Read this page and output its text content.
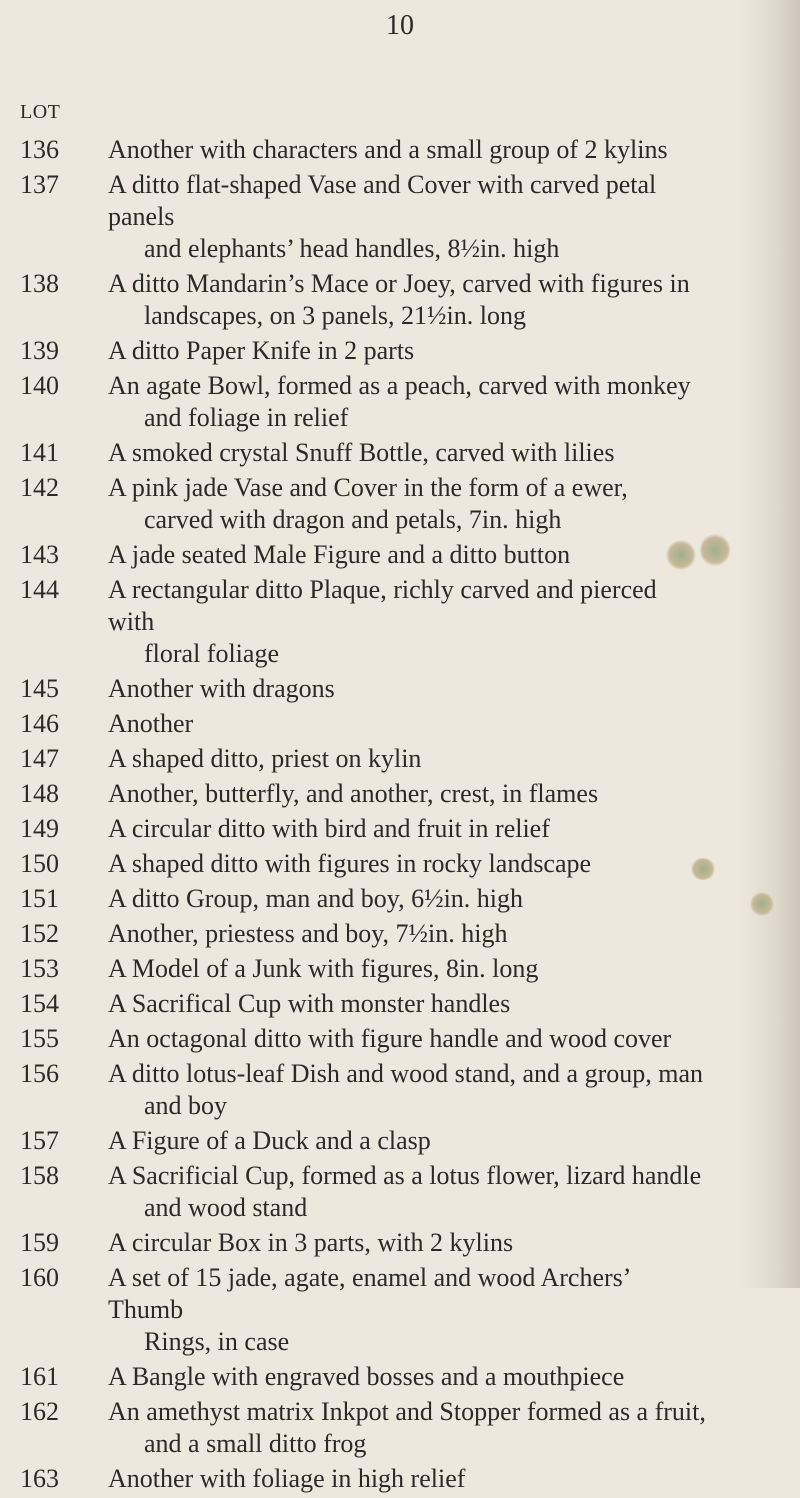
10
LOT
136	Another with characters and a small group of 2 kylins
137	A ditto flat-shaped Vase and Cover with carved petal panels
and elephants’ head handles, 8½in. high
138	A ditto Mandarin’s Mace or Joey, carved with figures in
landscapes, on 3 panels, 21½in. long
139	A ditto Paper Knife in 2 parts
140	An agate Bowl, formed as a peach, carved with monkey
and foliage in relief
141	A smoked crystal Snuff Bottle, carved with lilies
142	A pink jade Vase and Cover in the form of a ewer,
carved with dragon and petals, 7in. high
143	A jade seated Male Figure and a ditto button
144	A rectangular ditto Plaque, richly carved and pierced with
floral foliage
145	Another with dragons
146	Another
147	A shaped ditto, priest on kylin
148	Another, butterfly, and another, crest, in flames
149	A circular ditto with bird and fruit in relief
150	A shaped ditto with figures in rocky landscape
151	A ditto Group, man and boy, 6½in. high
152	Another, priestess and boy, 7½in. high
153	A Model of a Junk with figures, 8in. long
154	A Sacrifical Cup with monster handles
155	An octagonal ditto with figure handle and wood cover
156	A ditto lotus-leaf Dish and wood stand, and a group, man
and boy
157	A Figure of a Duck and a clasp
158	A Sacrificial Cup, formed as a lotus flower, lizard handle
and wood stand
159	A circular Box in 3 parts, with 2 kylins
160	A set of 15 jade, agate, enamel and wood Archers’ Thumb
Rings, in case
161	A Bangle with engraved bosses and a mouthpiece
162	An amethyst matrix Inkpot and Stopper formed as a fruit,
and a small ditto frog
163	Another with foliage in high relief
